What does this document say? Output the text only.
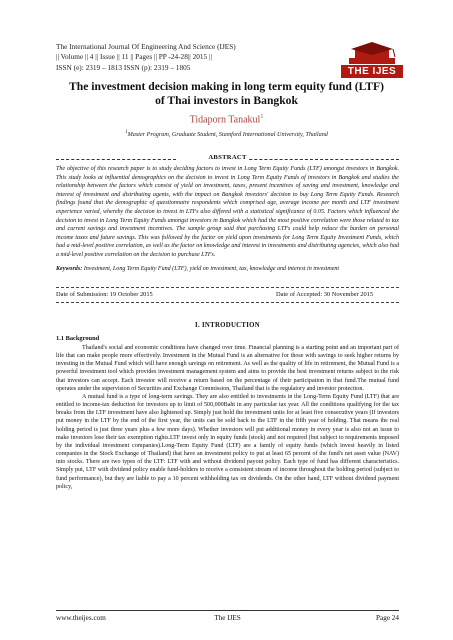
The International Journal Of Engineering And Science (IJES)
|| Volume || 4 || Issue || 11 || Pages || PP -24-28|| 2015 ||
ISSN (e): 2319 – 1813 ISSN (p): 2319 – 1805	THE IJES
The investment decision making in long term equity fund (LTF)
of Thai investors in Bangkok
Tidaporn Tanakul$^1$
$^1$Master Program, Graduate Student, Stamford International University, Thailand
ABSTRACT
The objective of this research paper is to study deciding factors to invest in Long Term Equity Funds (LTF) amongst investors in Bangkok. This study looks at influential demographics on the decision to invest in Long Term Equity Funds of investors in Bangkok and studies the relationship between the factors which consist of yield on investment, taxes, present incentives of saving and investment, knowledge and interest of investment and distributing agents, with the impact on Bangkok investors' decision to buy Long Term Equity Funds. Research findings found that the demographic of questionnaire respondents which comprised age, average income per month and LTF investment experience varied, whereby the decision to invest in LTFs also differed with a statistical significance of 0.05. Factors which influenced the decision to invest in Long Term Equity Funds amongst investors in Bangkok which had the most positive correlation were those related to tax and current savings and investment incentives. The sample group said that purchasing LTFs could help reduce the burden on personal income taxes and future savings. This was followed by the factor on yield upon investments for Long Term Equity Investment Funds, which had a mid-level positive correlation, as well as the factor on knowledge and interest in investments and distributing agencies, which also had a mid-level positive correlation on the decision to purchase LTFs.
Keywords: Investment, Long Term Equity Fund (LTF), yield on investment, tax, knowledge and interest in investment
Date of Submission: 19 October 2015	Date of Accepted: 30 November 2015
I. INTRODUCTION
1.1 Background

Thailand's social and economic conditions have changed over time. Financial planning is a starting point and an important part of life that can make people more effectively. Investment in the Mutual Fund is an alternative for those with savings to seek higher returns by investing in the Mutual Fund which will have enough savings on retirement. As well as the quality of life in retirement, the Mutual Fund is a powerful investment tool which provides investment management system and aims to provide the best investment returns subject to the risk that investors can accept. Each investor will receive a return based on the percentage of their participation in that fund.The mutual fund operates under the supervision of Securities and Exchange Commission, Thailand that is the regulatory and investor protection.

A mutual fund is a type of long-term savings. They are also entitled to investments in the Long-Term Equity Fund (LTF) that are entitled to income-tax deduction for investors up to limit of 500,000Baht in any particular tax year. All the conditions qualifying for the tax breaks from the LTF investment have also lightened up. Simply just hold the investment units for at least five consecutive years (If investors put money in the LTF by the end of the first year, the units can be sold back to the LTF in the fifth year of holding. That means the real holding period is just three years plus a few more days). Whether investors will put additional money in every year is also not an issue to make investors lose their tax exemption rights.LTF invest only in equity funds (stock) and not required (but subject to requirements imposed by the individual investment companies).Long-Term Equity Fund (LTF) are a family of equity funds (which invest heavily in listed companies in the Stock Exchange of Thailand) that have an investment policy to put at least 65 percent of the fund's net asset value (NAV) into stocks. There are two types of the LTF: LTF with and without dividend payout policy. Each type of fund has different characteristics. Simply put, LTF with dividend policy enable fund-holders to receive a consistent stream of income throughout the holding period (subject to fund performance), but they are liable to pay a 10 percent withholding tax on dividends. On the other hand, LTF without dividend payment policy,

www.theijes.com	The IJES	Page 24
